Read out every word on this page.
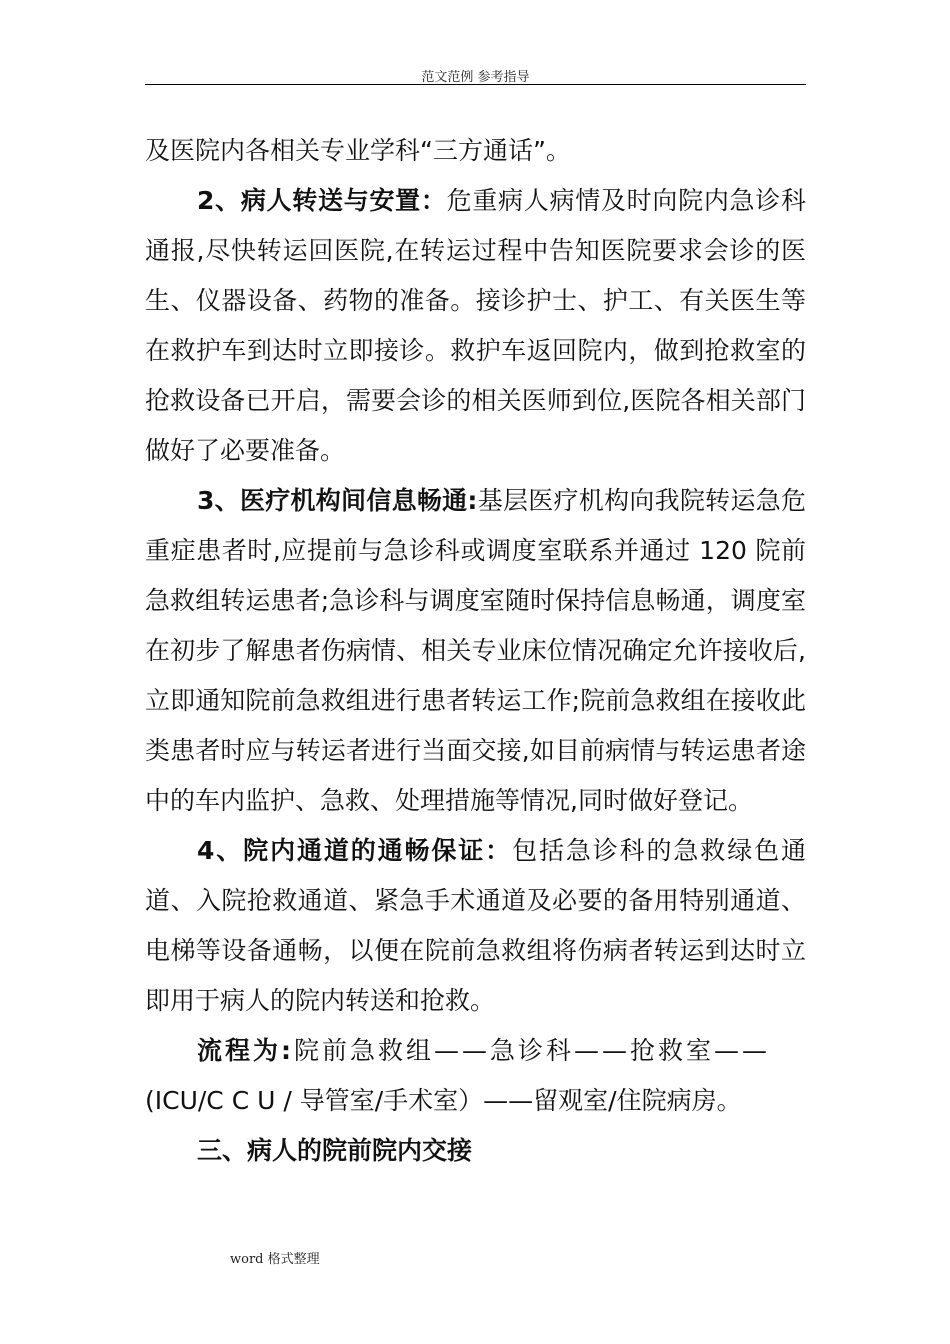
范文范例 参考指导

及医院内各相关专业学科“三方通话”。

2、病人转送与安置：危重病人病情及时向院内急诊科通报,尽快转运回医院,在转运过程中告知医院要求会诊的医生、仪器设备、药物的准备。接诊护士、护工、有关医生等在救护车到达时立即接诊。救护车返回院内，做到抢救室的抢救设备已开启，需要会诊的相关医师到位,医院各相关部门做好了必要准备。

3、医疗机构间信息畅通:基层医疗机构向我院转运急危重症患者时,应提前与急诊科或调度室联系并通过 120 院前急救组转运患者;急诊科与调度室随时保持信息畅通，调度室在初步了解患者伤病情、相关专业床位情况确定允许接收后,立即通知院前急救组进行患者转运工作;院前急救组在接收此类患者时应与转运者进行当面交接,如目前病情与转运患者途中的车内监护、急救、处理措施等情况,同时做好登记。

4、院内通道的通畅保证：包括急诊科的急救绿色通道、入院抢救通道、紧急手术通道及必要的备用特别通道、电梯等设备通畅，以便在院前急救组将伤病者转运到达时立即用于病人的院内转送和抢救。

流程为:院前急救组——急诊科——抢救室——

(ICU/C C U / 导管室/手术室）——留观室/住院病房。

三、病人的院前院内交接

word 格式整理
